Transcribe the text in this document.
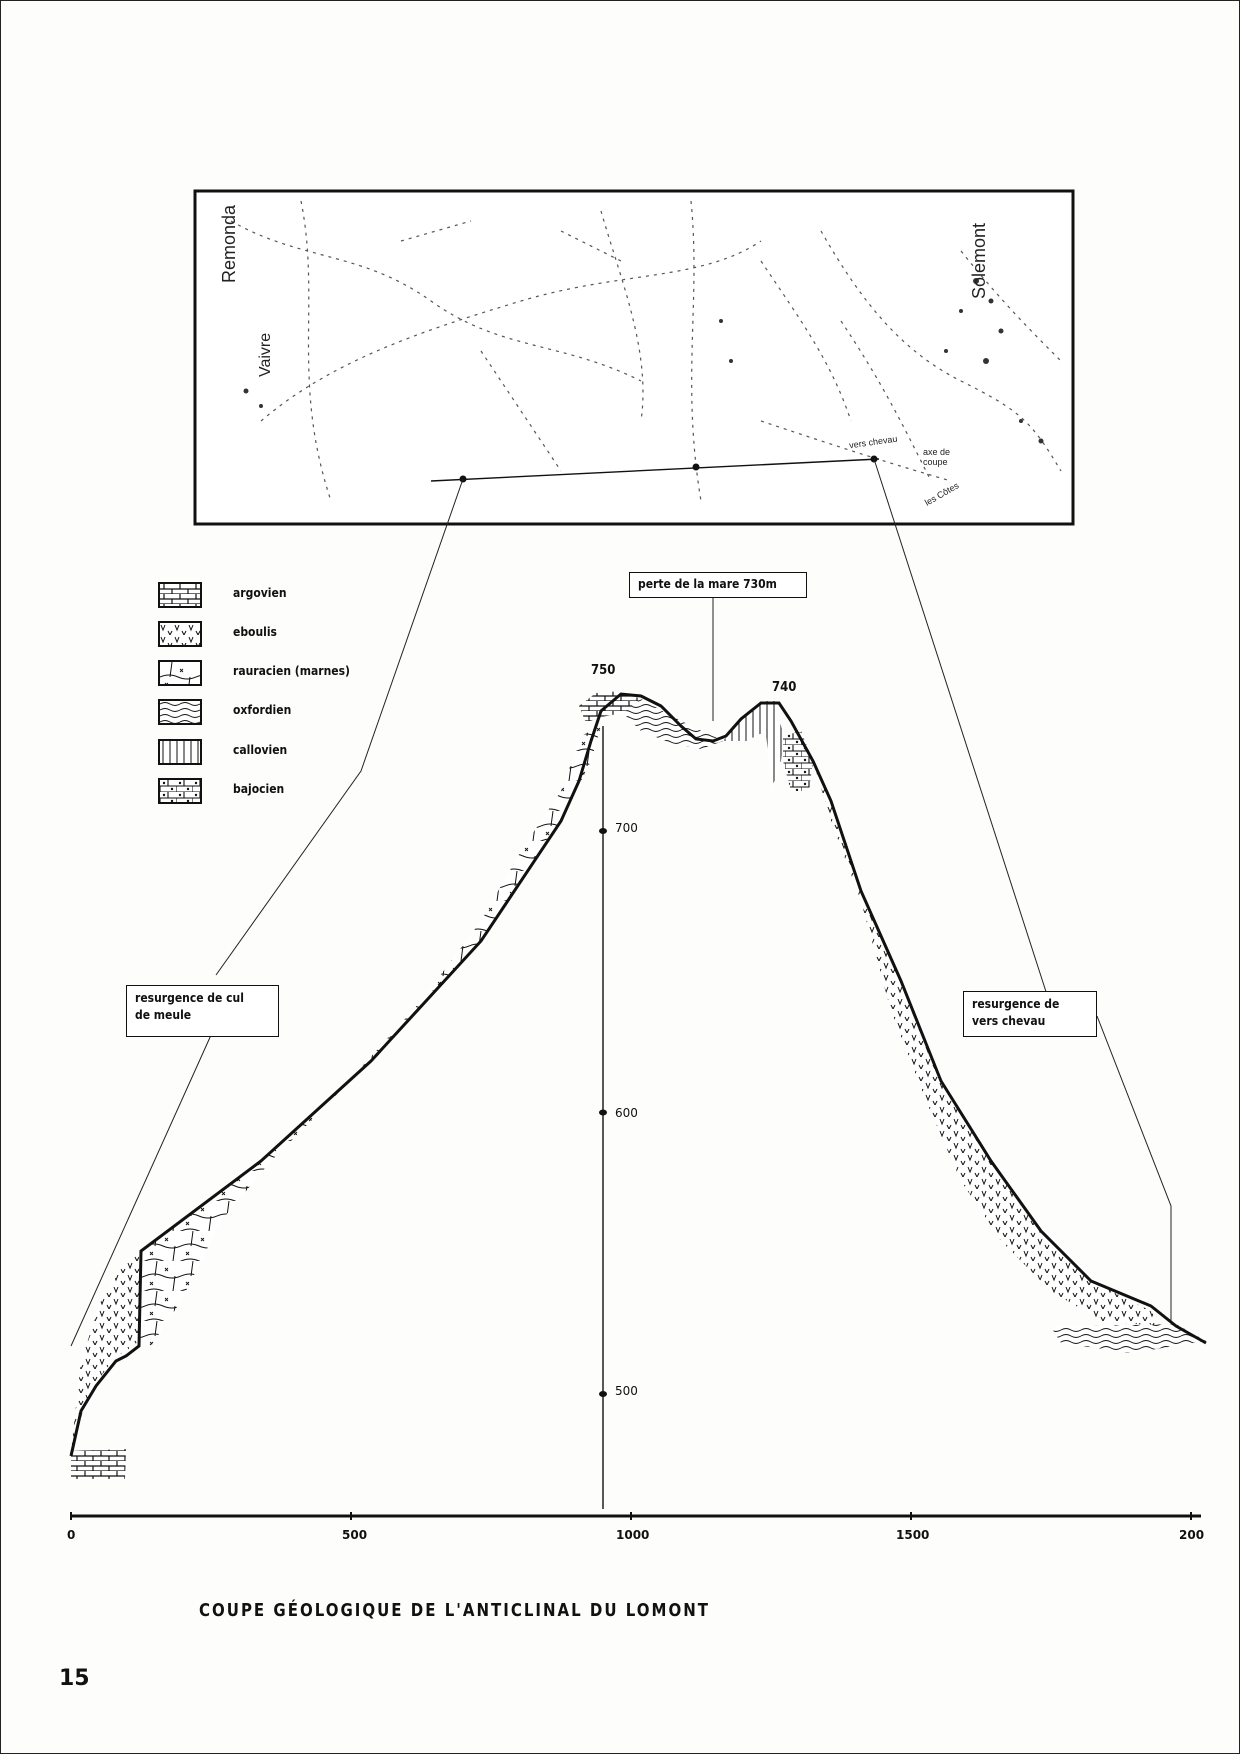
Remonda
Vaivre
Solemont
vers chevau
axe de coupe
les Côtes
argovien
eboulis
rauracien (marnes)
oxfordien
callovien
bajocien
perte de la mare 730m
resurgence de cul
de meule
resurgence de
vers chevau
750
740
700
600
500
0	500	1000	1500	200
COUPE GÉOLOGIQUE DE L'ANTICLINAL DU LOMONT
15
